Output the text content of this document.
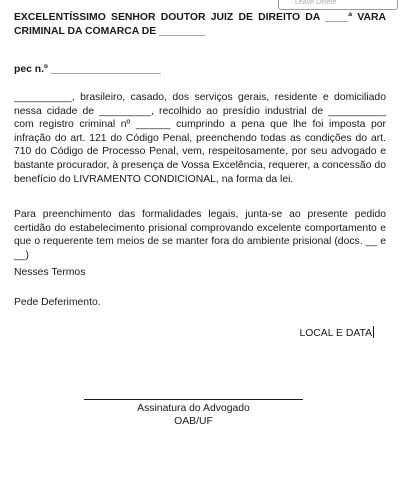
Leave Delete
EXCELENTÍSSIMO SENHOR DOUTOR JUIZ DE DIREITO DA ____ª VARA CRIMINAL DA COMARCA DE ________
pec n.º ___________________
__________, brasileiro, casado, dos serviços gerais, residente e domiciliado nessa cidade de _________, recolhido ao presídio industrial de __________ com registro criminal nº ______ cumprindo a pena que lhe foi imposta por infração do art. 121 do Código Penal, preenchendo todas as condições do art. 710 do Código de Processo Penal, vem, respeitosamente, por seu advogado e bastante procurador, à presença de Vossa Excelência, requerer, a concessão do benefício do LIVRAMENTO CONDICIONAL, na forma da lei.
Para preenchimento das formalidades legais, junta-se ao presente pedido certidão do estabelecimento prisional comprovando excelente comportamento e que o requerente tem meios de se manter fora do ambiente prisional (docs. __ e __)
Nesses Termos
Pede Deferimento.
LOCAL E DATA
Assinatura do Advogado
OAB/UF
